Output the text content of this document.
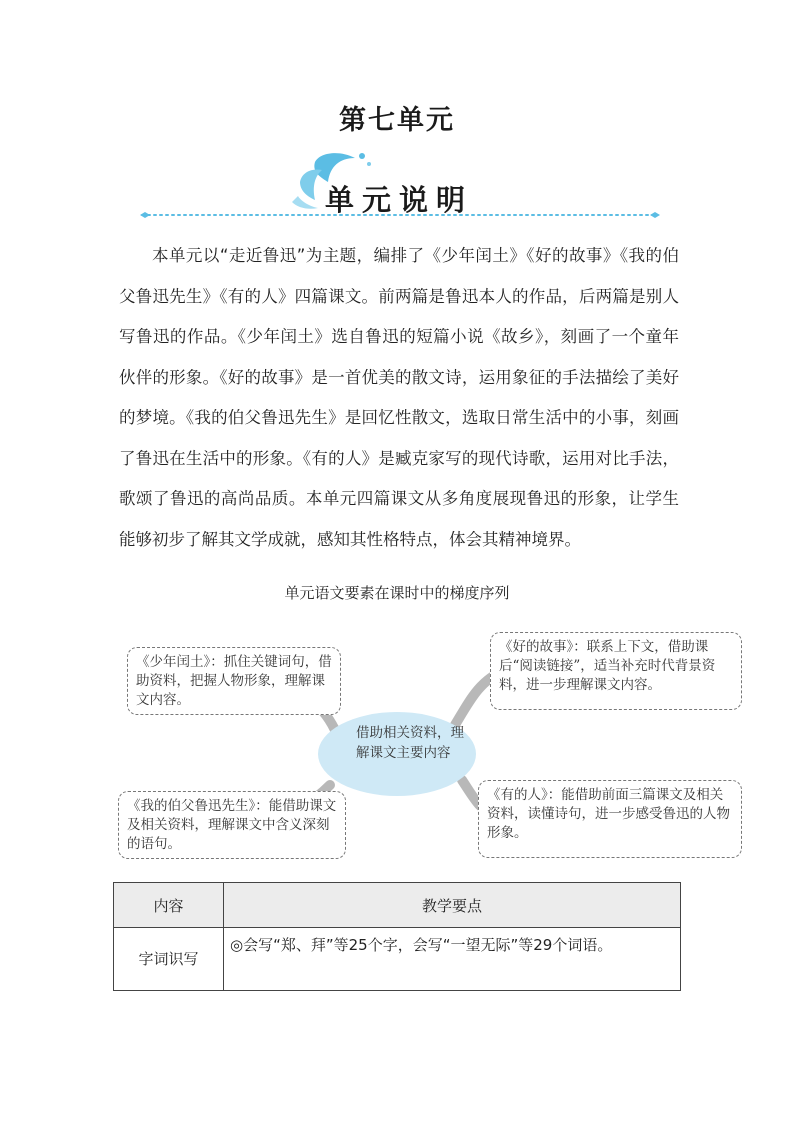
第七单元
单元说明
本单元以“走近鲁迅”为主题，编排了《少年闰土》《好的故事》《我的伯父鲁迅先生》《有的人》四篇课文。前两篇是鲁迅本人的作品，后两篇是别人写鲁迅的作品。《少年闰土》选自鲁迅的短篇小说《故乡》，刻画了一个童年伙伴的形象。《好的故事》是一首优美的散文诗，运用象征的手法描绘了美好的梦境。《我的伯父鲁迅先生》是回忆性散文，选取日常生活中的小事，刻画了鲁迅在生活中的形象。《有的人》是臧克家写的现代诗歌，运用对比手法，歌颂了鲁迅的高尚品质。本单元四篇课文从多角度展现鲁迅的形象，让学生能够初步了解其文学成就，感知其性格特点，体会其精神境界。
单元语文要素在课时中的梯度序列
借助相关资料，理解课文主要内容
《少年闰土》：抓住关键词句，借助资料，把握人物形象，理解课文内容。
《好的故事》：联系上下文，借助课后“阅读链接”，适当补充时代背景资料，进一步理解课文内容。
《我的伯父鲁迅先生》：能借助课文及相关资料，理解课文中含义深刻的语句。
《有的人》：能借助前面三篇课文及相关资料，读懂诗句，进一步感受鲁迅的人物形象。
内容	教学要点
字词识写	◎会写“郑、拜”等25个字，会写“一望无际”等29个词语。
